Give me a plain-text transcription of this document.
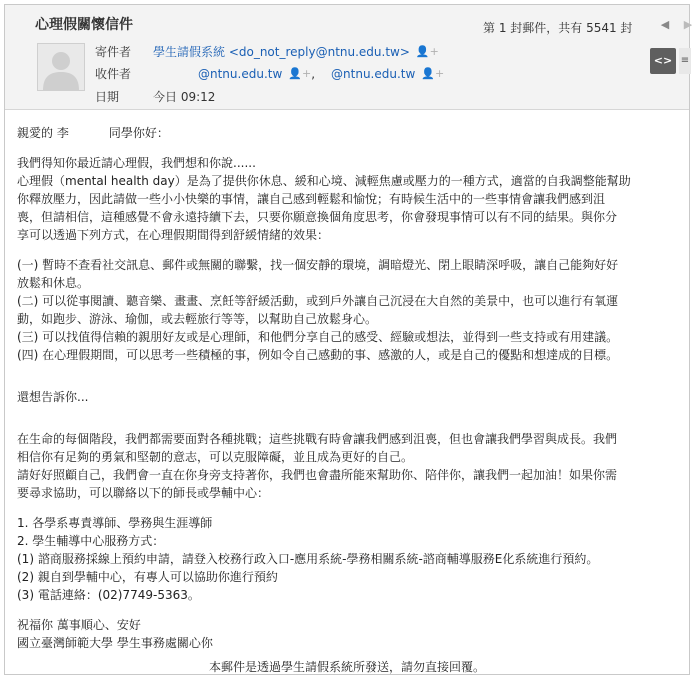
心理假關懷信件	第 1 封郵件，共有 5541 封	◀	▶
<> ≡
寄件者 學生請假系統 <do_not_reply@ntnu.edu.tw> 👤+
收件者	@ntnu.edu.tw 👤+, @ntnu.edu.tw 👤+
日期	今日 09:12

親愛的 李	同學你好：

我們得知你最近請心理假，我們想和你說......

心理假（mental health day）是為了提供你休息、緩和心境、減輕焦慮或壓力的一種方式，適當的自我調整能幫助

你釋放壓力，因此請做一些小小快樂的事情，讓自己感到輕鬆和愉悅；有時候生活中的一些事情會讓我們感到沮

喪，但請相信，這種感覺不會永遠持續下去，只要你願意換個角度思考，你會發現事情可以有不同的結果。與你分

享可以透過下列方式，在心理假期間得到舒緩情緒的效果：

(一) 暫時不查看社交訊息、郵件或無關的聯繫，找一個安靜的環境，調暗燈光、閉上眼睛深呼吸，讓自己能夠好好

放鬆和休息。

(二) 可以從事閱讀、聽音樂、畫畫、烹飪等舒緩活動，或到戶外讓自己沉浸在大自然的美景中，也可以進行有氧運

動，如跑步、游泳、瑜伽，或去輕旅行等等，以幫助自己放鬆身心。

(三) 可以找值得信賴的親朋好友或是心理師，和他們分享自己的感受、經驗或想法，並得到一些支持或有用建議。

(四) 在心理假期間，可以思考一些積極的事，例如令自己感動的事、感激的人，或是自己的優點和想達成的目標。

還想告訴你...

在生命的每個階段，我們都需要面對各種挑戰；這些挑戰有時會讓我們感到沮喪，但也會讓我們學習與成長。我們

相信你有足夠的勇氣和堅韌的意志，可以克服障礙，並且成為更好的自己。

請好好照顧自己，我們會一直在你身旁支持著你，我們也會盡所能來幫助你、陪伴你，讓我們一起加油！如果你需

要尋求協助，可以聯絡以下的師長或學輔中心：

1. 各學系專責導師、學務與生涯導師

2. 學生輔導中心服務方式：

(1) 諮商服務採線上預約申請，請登入校務行政入口-應用系統-學務相關系統-諮商輔導服務E化系統進行預約。

(2) 親自到學輔中心，有專人可以協助你進行預約

(3) 電話連絡：(02)7749-5363。

祝福你 萬事順心、安好

國立臺灣師範大學 學生事務處關心你

本郵件是透過學生請假系統所發送，請勿直接回覆。
